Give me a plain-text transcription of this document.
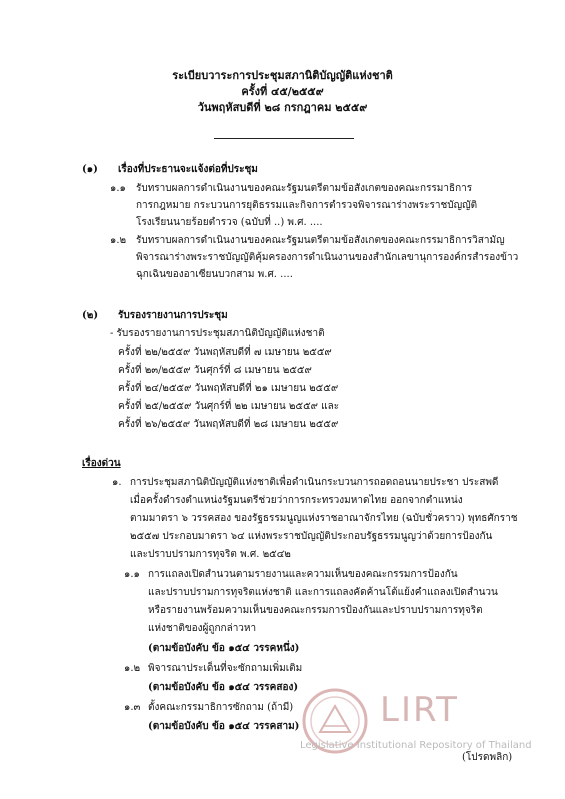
ระเบียบวาระการประชุมสภานิติบัญญัติแห่งชาติ
ครั้งที่ ๔๕/๒๕๕๙
วันพฤหัสบดีที่ ๒๘ กรกฎาคม ๒๕๕๙
(๑) เรื่องที่ประธานจะแจ้งต่อที่ประชุม
๑.๑ รับทราบผลการดำเนินงานของคณะรัฐมนตรีตามข้อสังเกตของคณะกรรมาธิการ
การกฎหมาย กระบวนการยุติธรรมและกิจการตำรวจพิจารณาร่างพระราชบัญญัติ
โรงเรียนนายร้อยตำรวจ (ฉบับที่ ..) พ.ศ. ....
๑.๒ รับทราบผลการดำเนินงานของคณะรัฐมนตรีตามข้อสังเกตของคณะกรรมาธิการวิสามัญ
พิจารณาร่างพระราชบัญญัติคุ้มครองการดำเนินงานของสำนักเลขานุการองค์กรสำรองข้าว
ฉุกเฉินของอาเซียนบวกสาม พ.ศ. ....
(๒) รับรองรายงานการประชุม
- รับรองรายงานการประชุมสภานิติบัญญัติแห่งชาติ
ครั้งที่ ๒๒/๒๕๕๙ วันพฤหัสบดีที่ ๗ เมษายน ๒๕๕๙
ครั้งที่ ๒๓/๒๕๕๙ วันศุกร์ที่ ๘ เมษายน ๒๕๕๙
ครั้งที่ ๒๔/๒๕๕๙ วันพฤหัสบดีที่ ๒๑ เมษายน ๒๕๕๙
ครั้งที่ ๒๕/๒๕๕๙ วันศุกร์ที่ ๒๒ เมษายน ๒๕๕๙ และ
ครั้งที่ ๒๖/๒๕๕๙ วันพฤหัสบดีที่ ๒๘ เมษายน ๒๕๕๙
เรื่องด่วน
๑. การประชุมสภานิติบัญญัติแห่งชาติเพื่อดำเนินกระบวนการถอดถอนนายประชา ประสพดี
เมื่อครั้งดำรงตำแหน่งรัฐมนตรีช่วยว่าการกระทรวงมหาดไทย ออกจากตำแหน่ง
ตามมาตรา ๖ วรรคสอง ของรัฐธรรมนูญแห่งราชอาณาจักรไทย (ฉบับชั่วคราว) พุทธศักราช
๒๕๕๗ ประกอบมาตรา ๖๔ แห่งพระราชบัญญัติประกอบรัฐธรรมนูญว่าด้วยการป้องกัน
และปราบปรามการทุจริต พ.ศ. ๒๕๔๒
๑.๑ การแถลงเปิดสำนวนตามรายงานและความเห็นของคณะกรรมการป้องกัน
และปราบปรามการทุจริตแห่งชาติ และการแถลงคัดค้านโต้แย้งคำแถลงเปิดสำนวน
หรือรายงานพร้อมความเห็นของคณะกรรมการป้องกันและปราบปรามการทุจริต
แห่งชาติของผู้ถูกกล่าวหา
(ตามข้อบังคับ ข้อ ๑๕๔ วรรคหนึ่ง)
๑.๒ พิจารณาประเด็นที่จะซักถามเพิ่มเติม
(ตามข้อบังคับ ข้อ ๑๕๔ วรรคสอง)
๑.๓ ตั้งคณะกรรมาธิการซักถาม (ถ้ามี)
(ตามข้อบังคับ ข้อ ๑๕๔ วรรคสาม) LIRT
Legislative Institutional Repository of Thailand
(โปรดพลิก)
